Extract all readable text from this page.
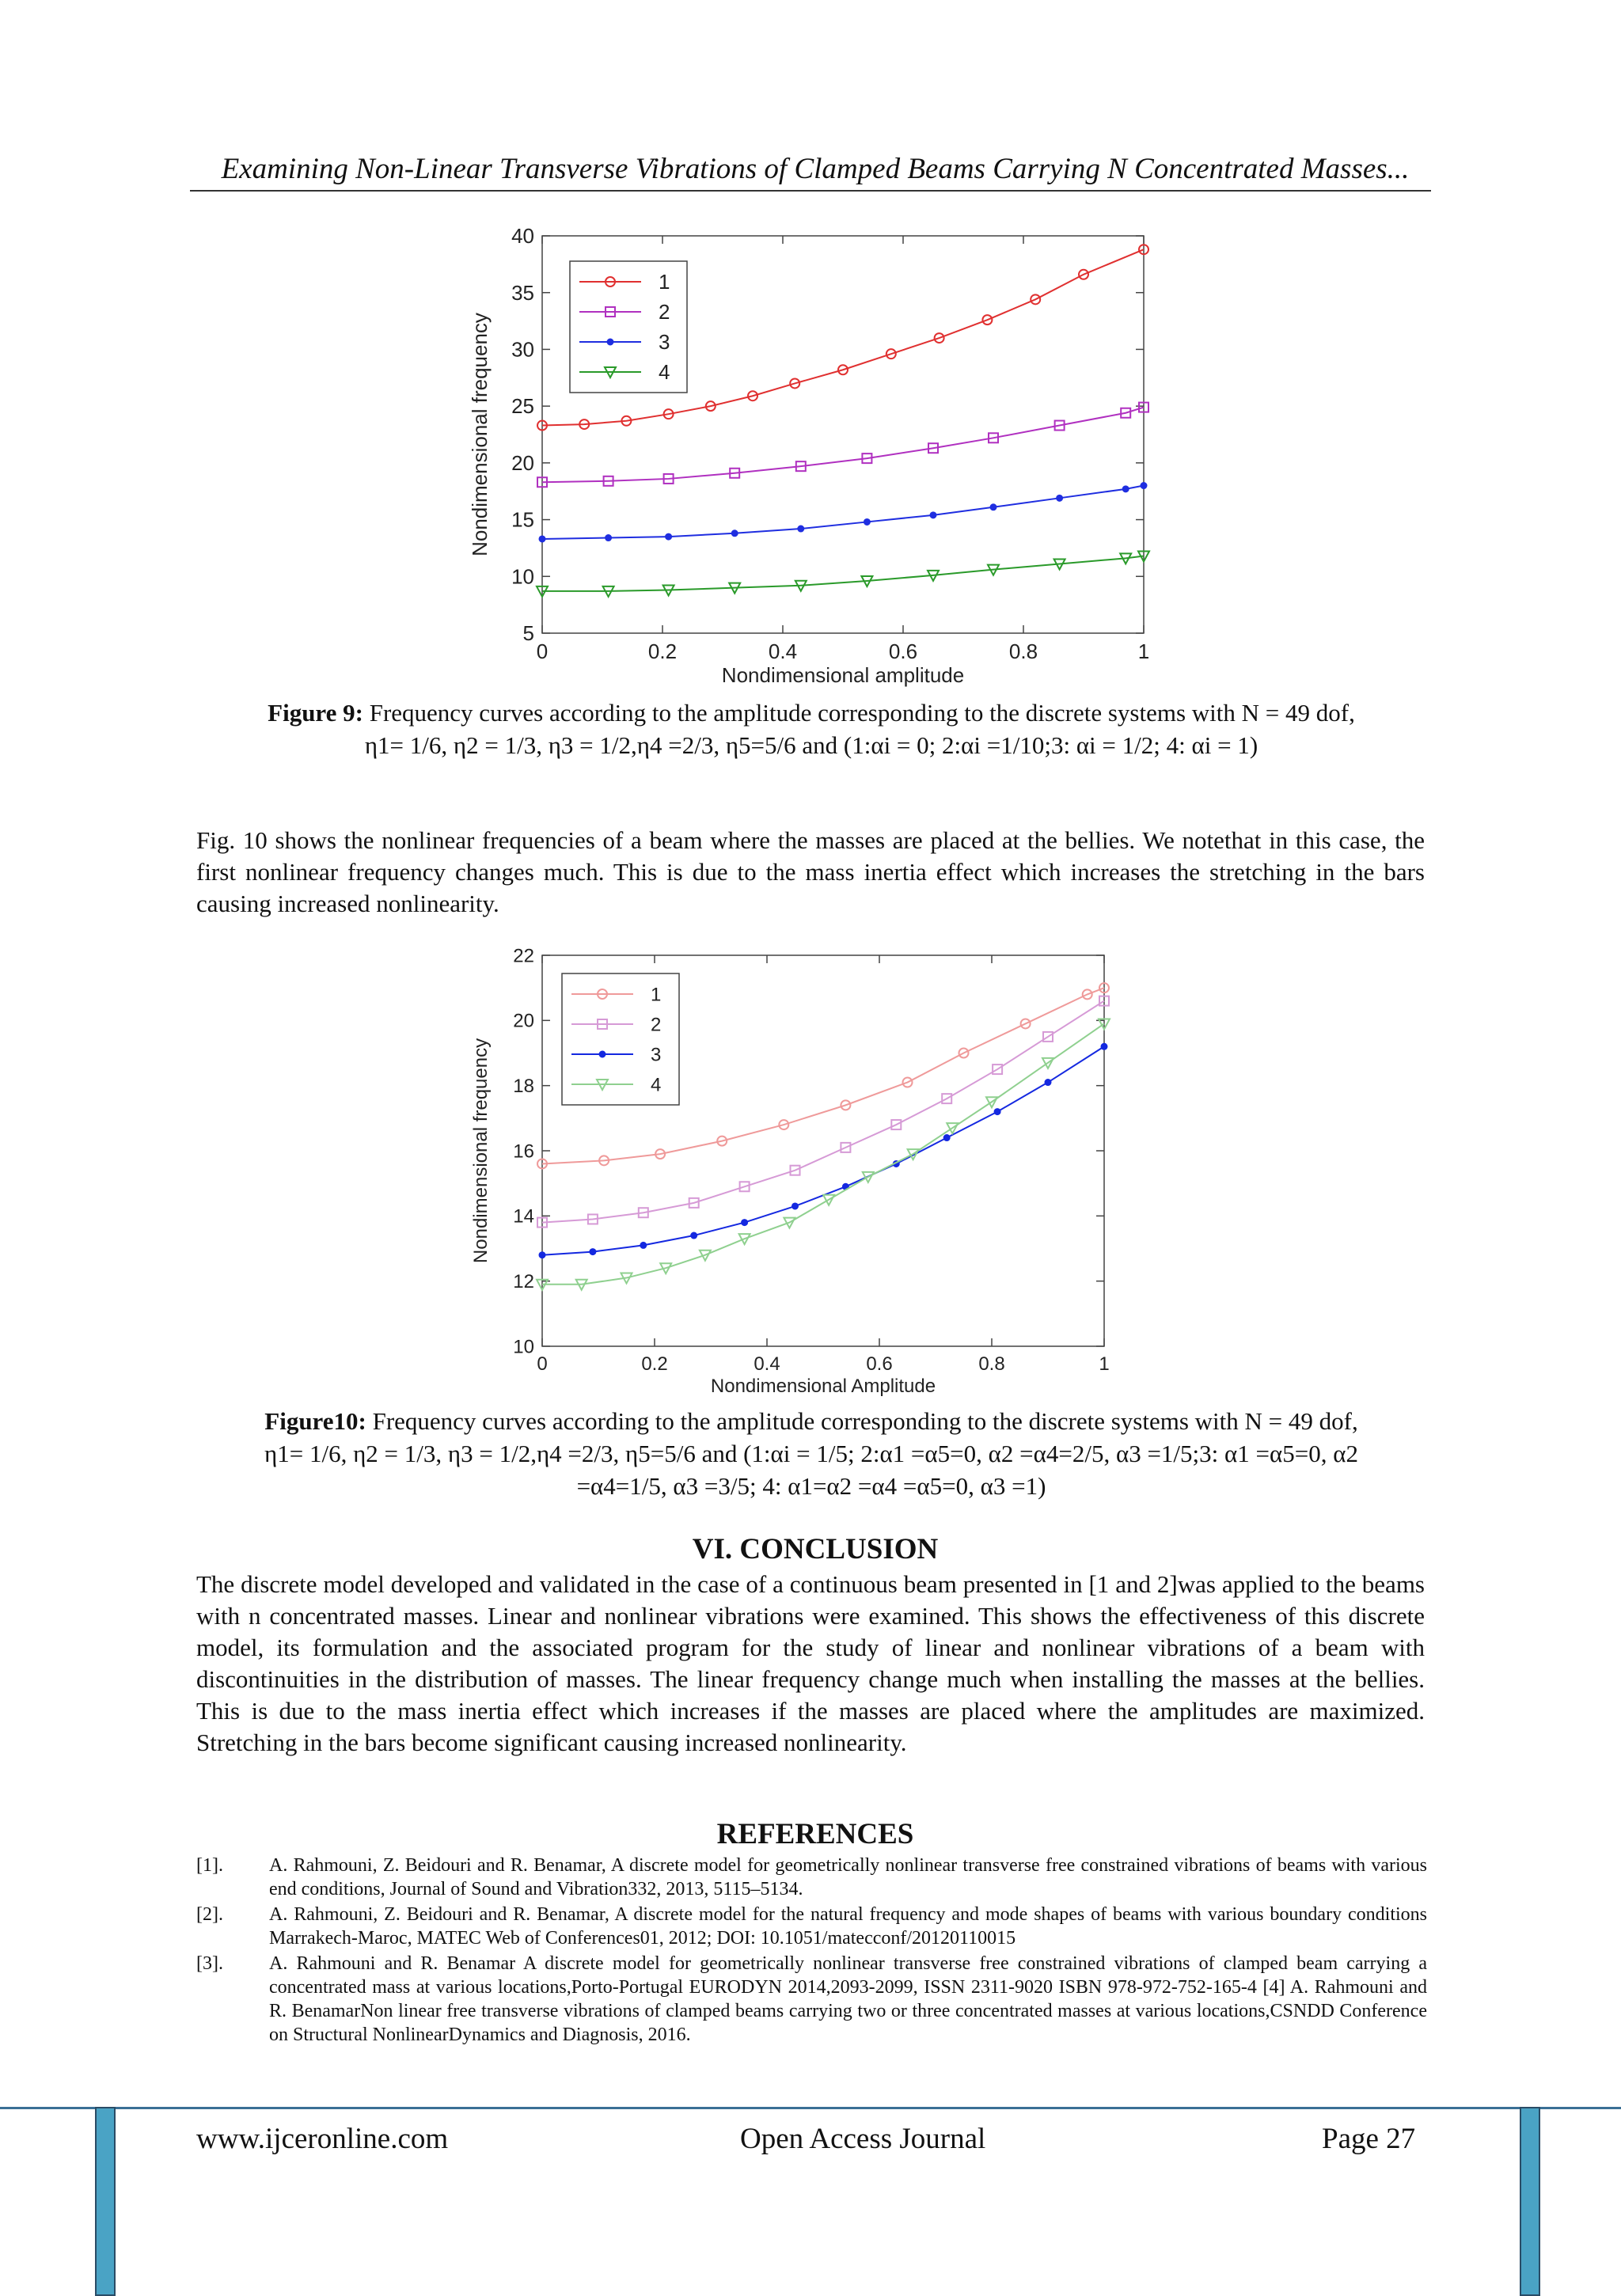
Examining Non-Linear Transverse Vibrations of Clamped Beams Carrying N Concentrated Masses...
0	0.2	0.4	0.6	0.8	1
5
10
15
20
25
30
35
40
Nondimensional amplitude
Nondimensional frequency
1
2
3
4
Figure 9: Frequency curves according to the amplitude corresponding to the discrete systems with N = 49 dof,
η1= 1/6, η2 = 1/3, η3 = 1/2,η4 =2/3, η5=5/6 and (1:αi = 0; 2:αi =1/10;3: αi = 1/2; 4: αi = 1)
Fig. 10 shows the nonlinear frequencies of a beam where the masses are placed at the bellies. We notethat in this case, the first nonlinear frequency changes much. This is due to the mass inertia effect which increases the stretching in the bars causing increased nonlinearity.
0	0.2	0.4	0.6	0.8	1
10
12
14
16
18
20
22
Nondimensional Amplitude
Nondimensional frequency
1
2
3
4
Figure10: Frequency curves according to the amplitude corresponding to the discrete systems with N = 49 dof,
η1= 1/6, η2 = 1/3, η3 = 1/2,η4 =2/3, η5=5/6 and (1:αi = 1/5; 2:α1 =α5=0, α2 =α4=2/5, α3 =1/5;3: α1 =α5=0, α2
=α4=1/5, α3 =3/5; 4: α1=α2 =α4 =α5=0, α3 =1)
VI. CONCLUSION
The discrete model developed and validated in the case of a continuous beam presented in [1 and 2]was applied to the beams with n concentrated masses. Linear and nonlinear vibrations were examined. This shows the effectiveness of this discrete model, its formulation and the associated program for the study of linear and nonlinear vibrations of a beam with discontinuities in the distribution of masses. The linear frequency change much when installing the masses at the bellies. This is due to the mass inertia effect which increases if the masses are placed where the amplitudes are maximized. Stretching in the bars become significant causing increased nonlinearity.
REFERENCES
[1].	A. Rahmouni, Z. Beidouri and R. Benamar, A discrete model for geometrically nonlinear transverse free constrained vibrations of beams with various end conditions, Journal of Sound and Vibration332, 2013, 5115–5134.
[2].	A. Rahmouni, Z. Beidouri and R. Benamar, A discrete model for the natural frequency and mode shapes of beams with various boundary conditions Marrakech-Maroc, MATEC Web of Conferences01, 2012; DOI: 10.1051/matecconf/20120110015
[3].	A. Rahmouni and R. Benamar A discrete model for geometrically nonlinear transverse free constrained vibrations of clamped beam carrying a concentrated mass at various locations,Porto-Portugal EURODYN 2014,2093-2099, ISSN 2311-9020 ISBN 978-972-752-165-4 [4] A. Rahmouni and R. BenamarNon linear free transverse vibrations of clamped beams carrying two or three concentrated masses at various locations,CSNDD Conference on Structural NonlinearDynamics and Diagnosis, 2016.
www.ijceronline.com	Open Access Journal	Page 27
